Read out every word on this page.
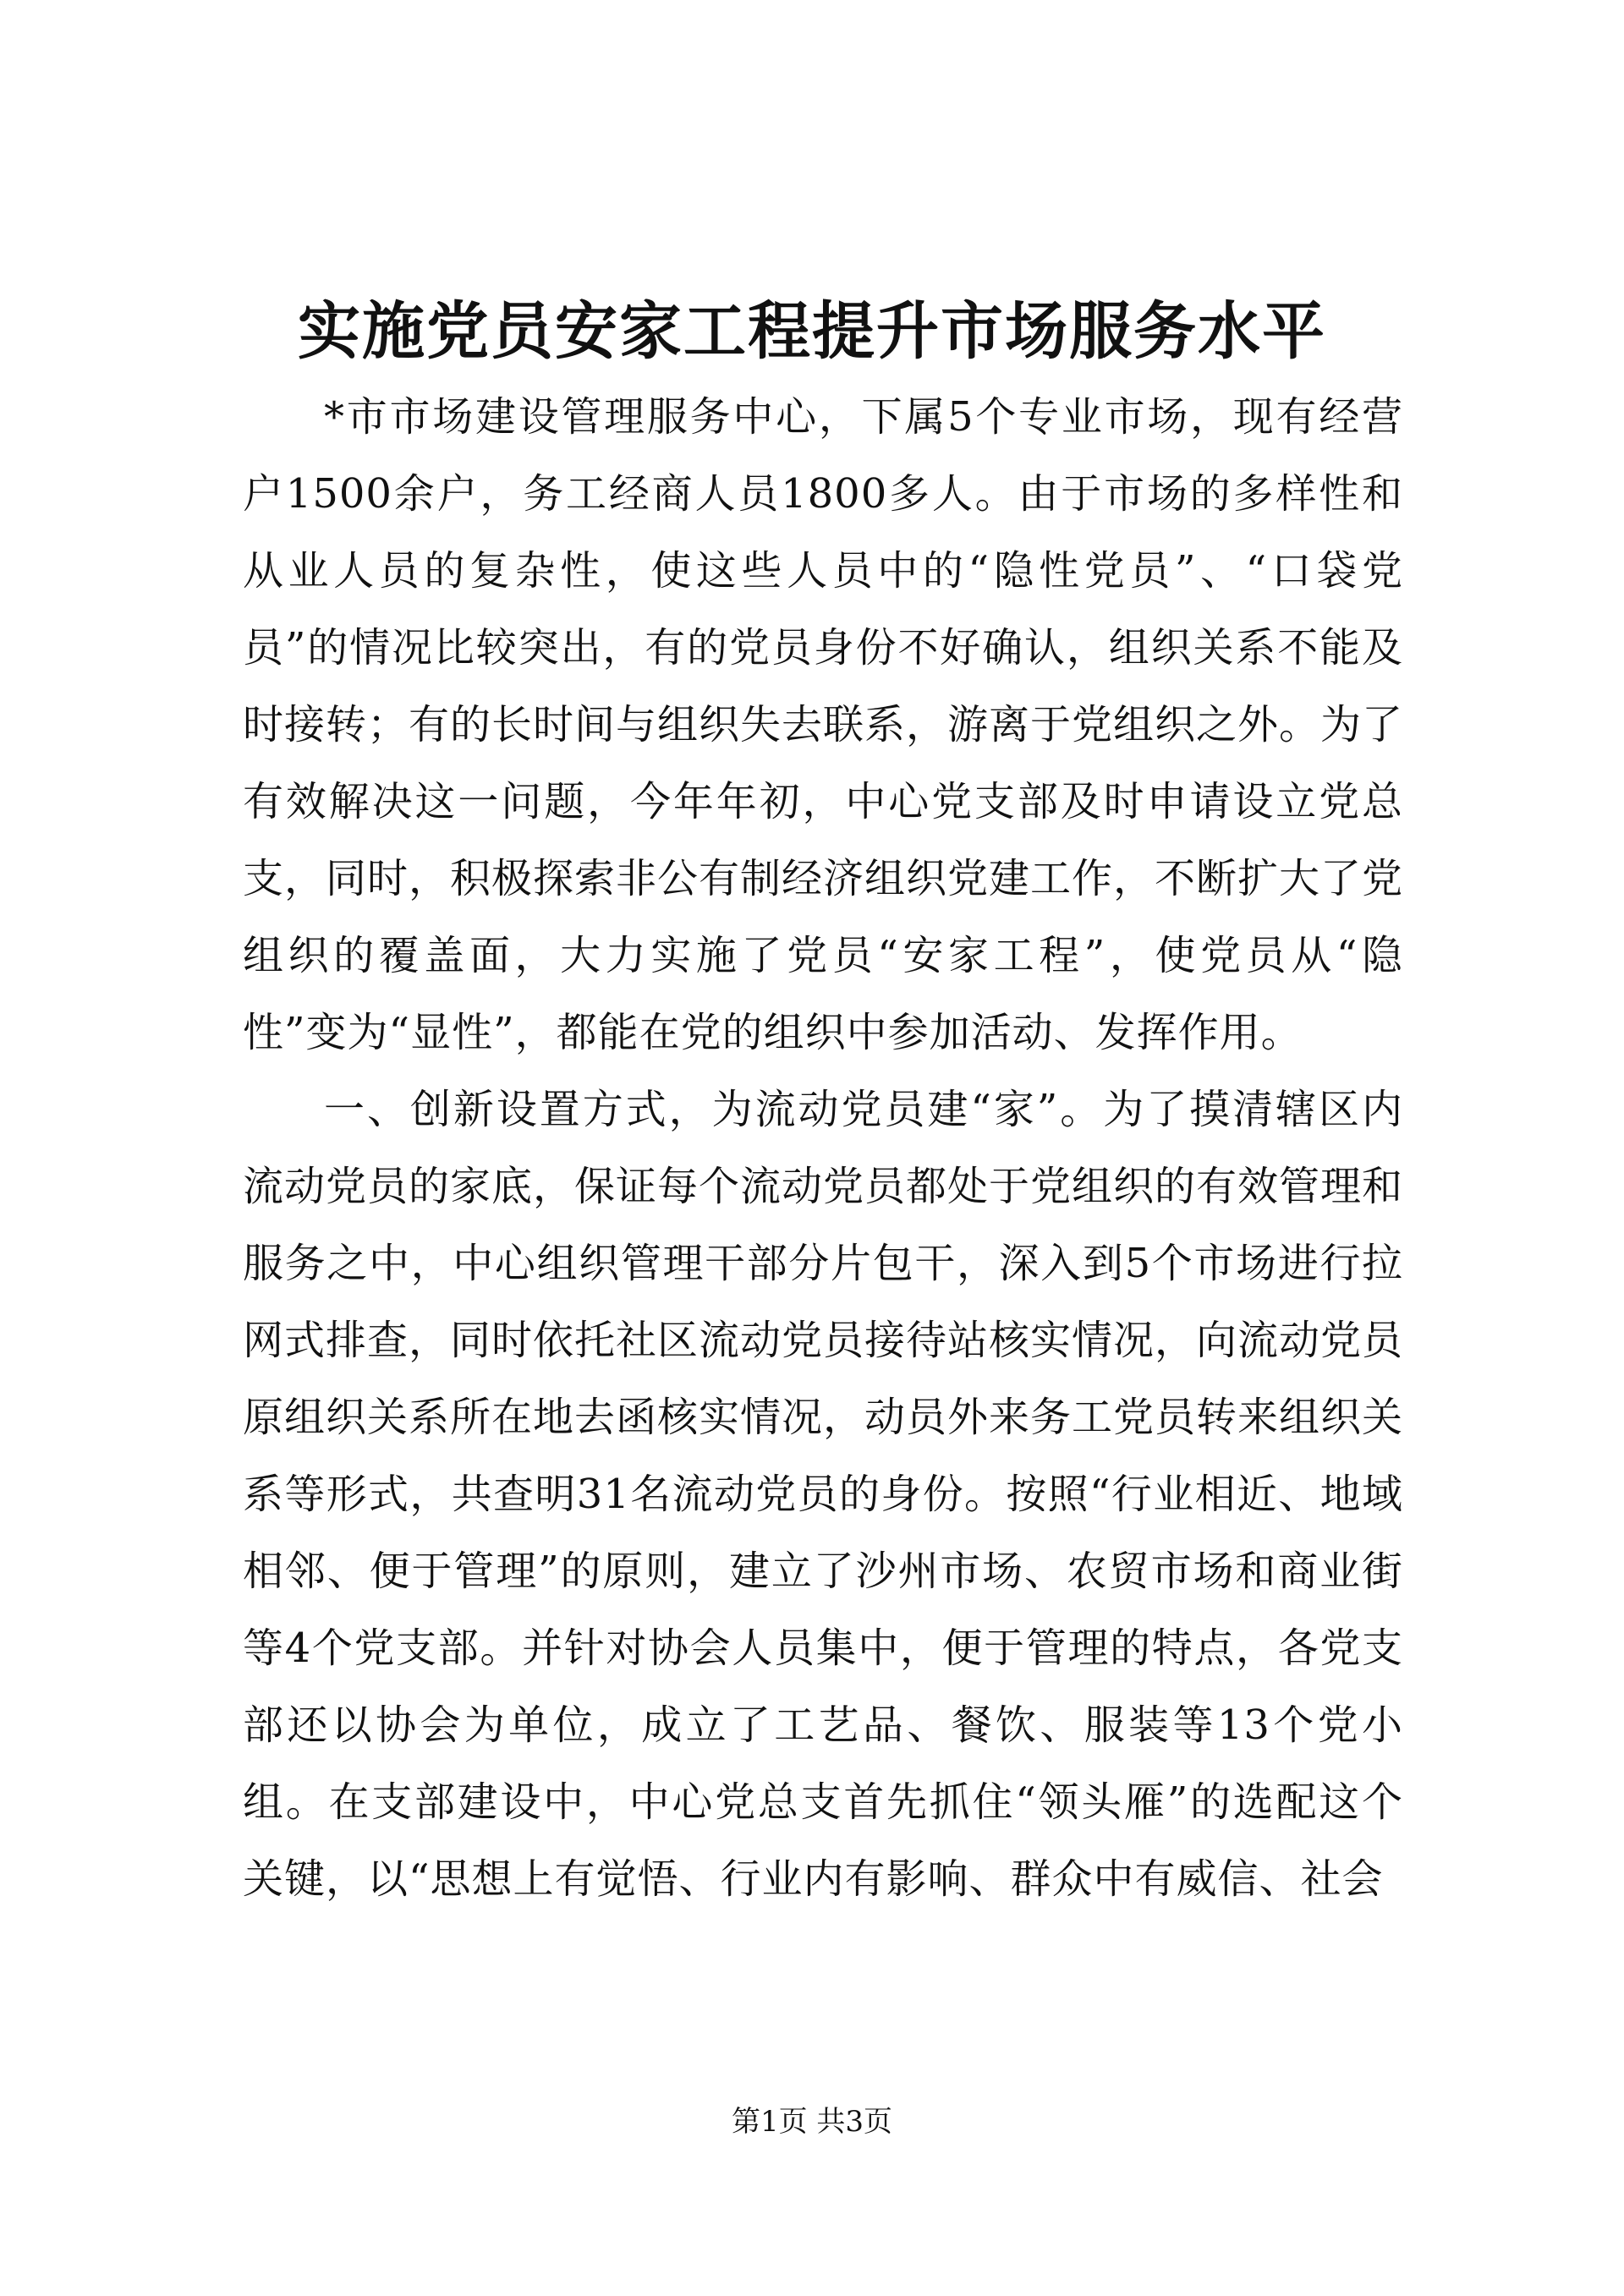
实施党员安家工程提升市场服务水平

*市市场建设管理服务中心，下属5个专业市场，现有经营户1500余户，务工经商人员1800多人。由于市场的多样性和从业人员的复杂性，使这些人员中的“隐性党员”、“口袋党员”的情况比较突出，有的党员身份不好确认，组织关系不能及时接转；有的长时间与组织失去联系，游离于党组织之外。为了有效解决这一问题，今年年初，中心党支部及时申请设立党总支，同时，积极探索非公有制经济组织党建工作，不断扩大了党组织的覆盖面，大力实施了党员“安家工程”，使党员从“隐性”变为“显性”，都能在党的组织中参加活动、发挥作用。

一、创新设置方式，为流动党员建“家”。为了摸清辖区内流动党员的家底，保证每个流动党员都处于党组织的有效管理和服务之中，中心组织管理干部分片包干，深入到5个市场进行拉网式排查，同时依托社区流动党员接待站核实情况，向流动党员原组织关系所在地去函核实情况，动员外来务工党员转来组织关系等形式，共查明31名流动党员的身份。按照“行业相近、地域相邻、便于管理”的原则，建立了沙州市场、农贸市场和商业街等4个党支部。并针对协会人员集中，便于管理的特点，各党支部还以协会为单位，成立了工艺品、餐饮、服装等13个党小组。在支部建设中，中心党总支首先抓住“领头雁”的选配这个关键，以“思想上有觉悟、行业内有影响、群众中有威信、社会

第1页 共3页
